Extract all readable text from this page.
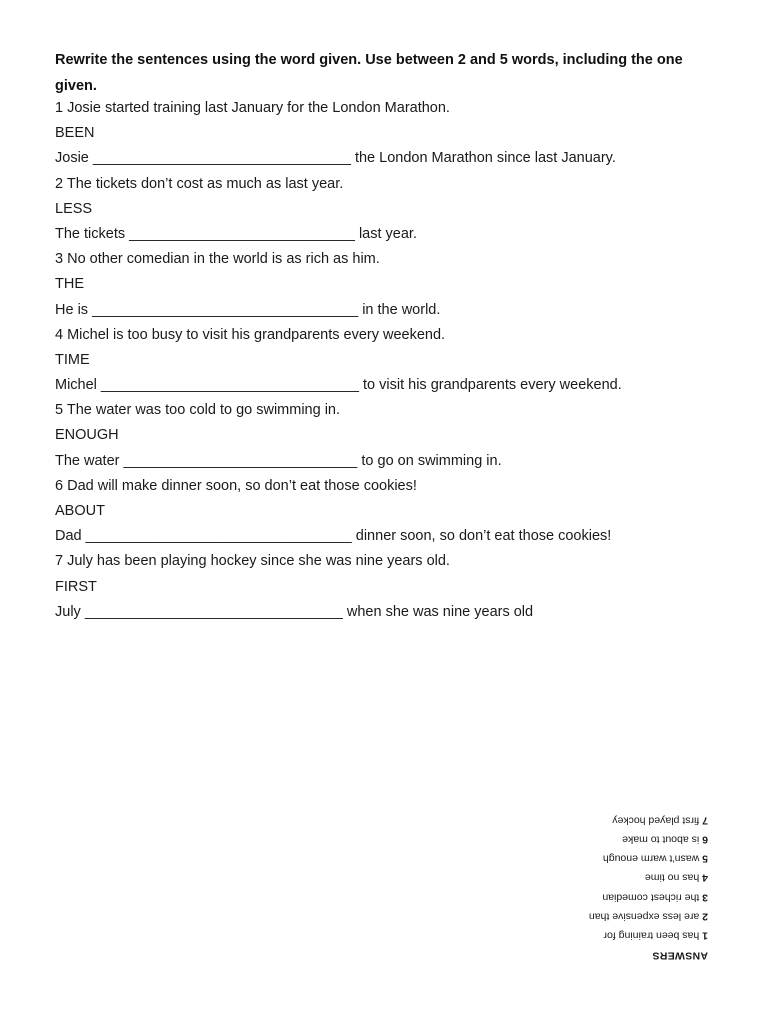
Rewrite the sentences using the word given. Use between 2 and 5 words, including the one given.
1 Josie started training last January for the London Marathon.
BEEN
Josie ________________________________ the London Marathon since last January.
2 The tickets don’t cost as much as last year.
LESS
The tickets ____________________________ last year.
3 No other comedian in the world is as rich as him.
THE
He is _________________________________ in the world.
4 Michel is too busy to visit his grandparents every weekend.
TIME
Michel ________________________________ to visit his grandparents every weekend.
5 The water was too cold to go swimming in.
ENOUGH
The water _____________________________ to go on swimming in.
6 Dad will make dinner soon, so don’t eat those cookies!
ABOUT
Dad _________________________________ dinner soon, so don’t eat those cookies!
7 July has been playing hockey since she was nine years old.
FIRST
July ________________________________ when she was nine years old
ANSWERS
1 has been training for
2 are less expensive than
3 the richest comedian
4 has no time
5 wasn’t warm enough
6 is about to make
7 first played hockey
